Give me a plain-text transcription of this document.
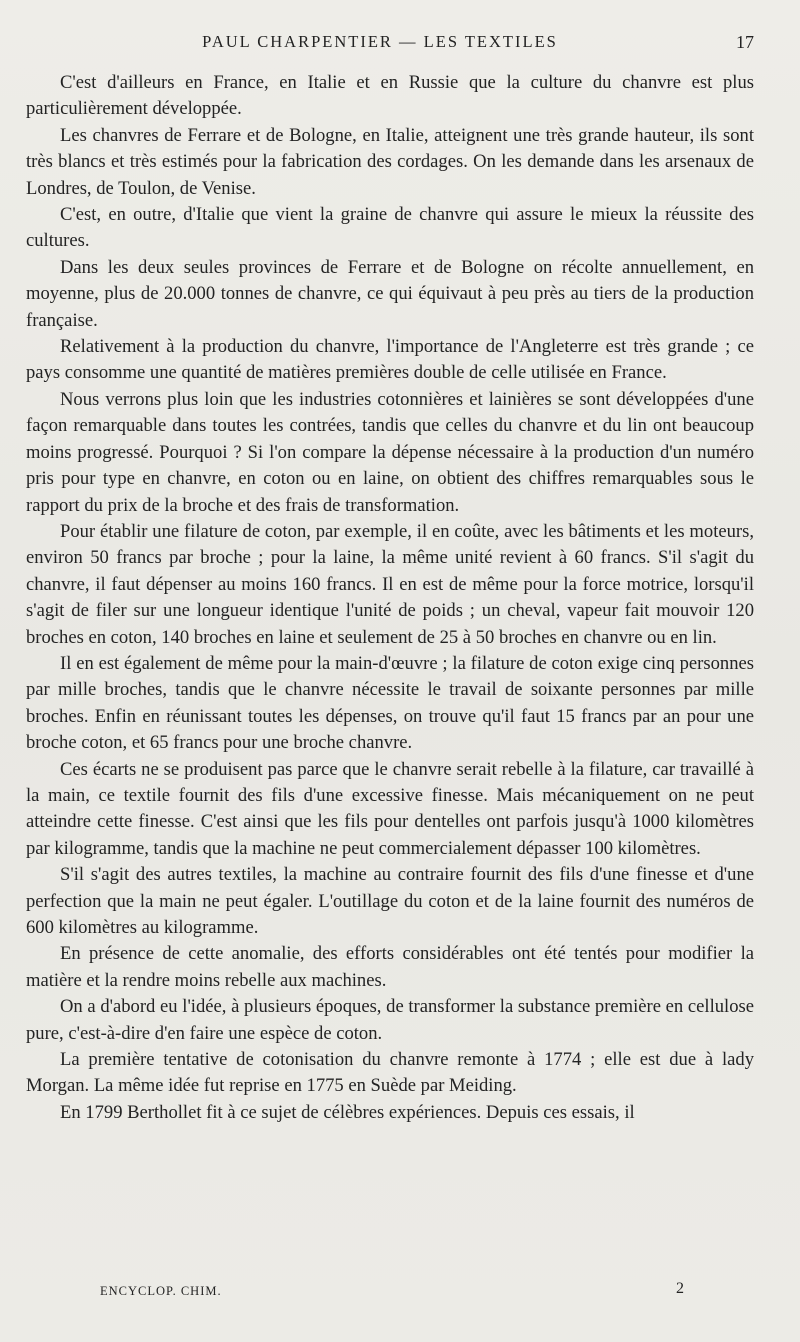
PAUL CHARPENTIER — LES TEXTILES	17

C'est d'ailleurs en France, en Italie et en Russie que la culture du chanvre est plus particulièrement développée.

Les chanvres de Ferrare et de Bologne, en Italie, atteignent une très grande hauteur, ils sont très blancs et très estimés pour la fabrication des cordages. On les demande dans les arsenaux de Londres, de Toulon, de Venise.

C'est, en outre, d'Italie que vient la graine de chanvre qui assure le mieux la réussite des cultures.

Dans les deux seules provinces de Ferrare et de Bologne on récolte annuellement, en moyenne, plus de 20.000 tonnes de chanvre, ce qui équivaut à peu près au tiers de la production française.

Relativement à la production du chanvre, l'importance de l'Angleterre est très grande ; ce pays consomme une quantité de matières premières double de celle utilisée en France.

Nous verrons plus loin que les industries cotonnières et lainières se sont développées d'une façon remarquable dans toutes les contrées, tandis que celles du chanvre et du lin ont beaucoup moins progressé. Pourquoi ? Si l'on compare la dépense nécessaire à la production d'un numéro pris pour type en chanvre, en coton ou en laine, on obtient des chiffres remarquables sous le rapport du prix de la broche et des frais de transformation.

Pour établir une filature de coton, par exemple, il en coûte, avec les bâtiments et les moteurs, environ 50 francs par broche ; pour la laine, la même unité revient à 60 francs. S'il s'agit du chanvre, il faut dépenser au moins 160 francs. Il en est de même pour la force motrice, lorsqu'il s'agit de filer sur une longueur identique l'unité de poids ; un cheval, vapeur fait mouvoir 120 broches en coton, 140 broches en laine et seulement de 25 à 50 broches en chanvre ou en lin.

Il en est également de même pour la main-d'œuvre ; la filature de coton exige cinq personnes par mille broches, tandis que le chanvre nécessite le travail de soixante personnes par mille broches. Enfin en réunissant toutes les dépenses, on trouve qu'il faut 15 francs par an pour une broche coton, et 65 francs pour une broche chanvre.

Ces écarts ne se produisent pas parce que le chanvre serait rebelle à la filature, car travaillé à la main, ce textile fournit des fils d'une excessive finesse. Mais mécaniquement on ne peut atteindre cette finesse. C'est ainsi que les fils pour dentelles ont parfois jusqu'à 1000 kilomètres par kilogramme, tandis que la machine ne peut commercialement dépasser 100 kilomètres.

S'il s'agit des autres textiles, la machine au contraire fournit des fils d'une finesse et d'une perfection que la main ne peut égaler. L'outillage du coton et de la laine fournit des numéros de 600 kilomètres au kilogramme.

En présence de cette anomalie, des efforts considérables ont été tentés pour modifier la matière et la rendre moins rebelle aux machines.

On a d'abord eu l'idée, à plusieurs époques, de transformer la substance première en cellulose pure, c'est-à-dire d'en faire une espèce de coton.

La première tentative de cotonisation du chanvre remonte à 1774 ; elle est due à lady Morgan. La même idée fut reprise en 1775 en Suède par Meiding.

En 1799 Berthollet fit à ce sujet de célèbres expériences. Depuis ces essais, il

ENCYCLOP. CHIM.	2
